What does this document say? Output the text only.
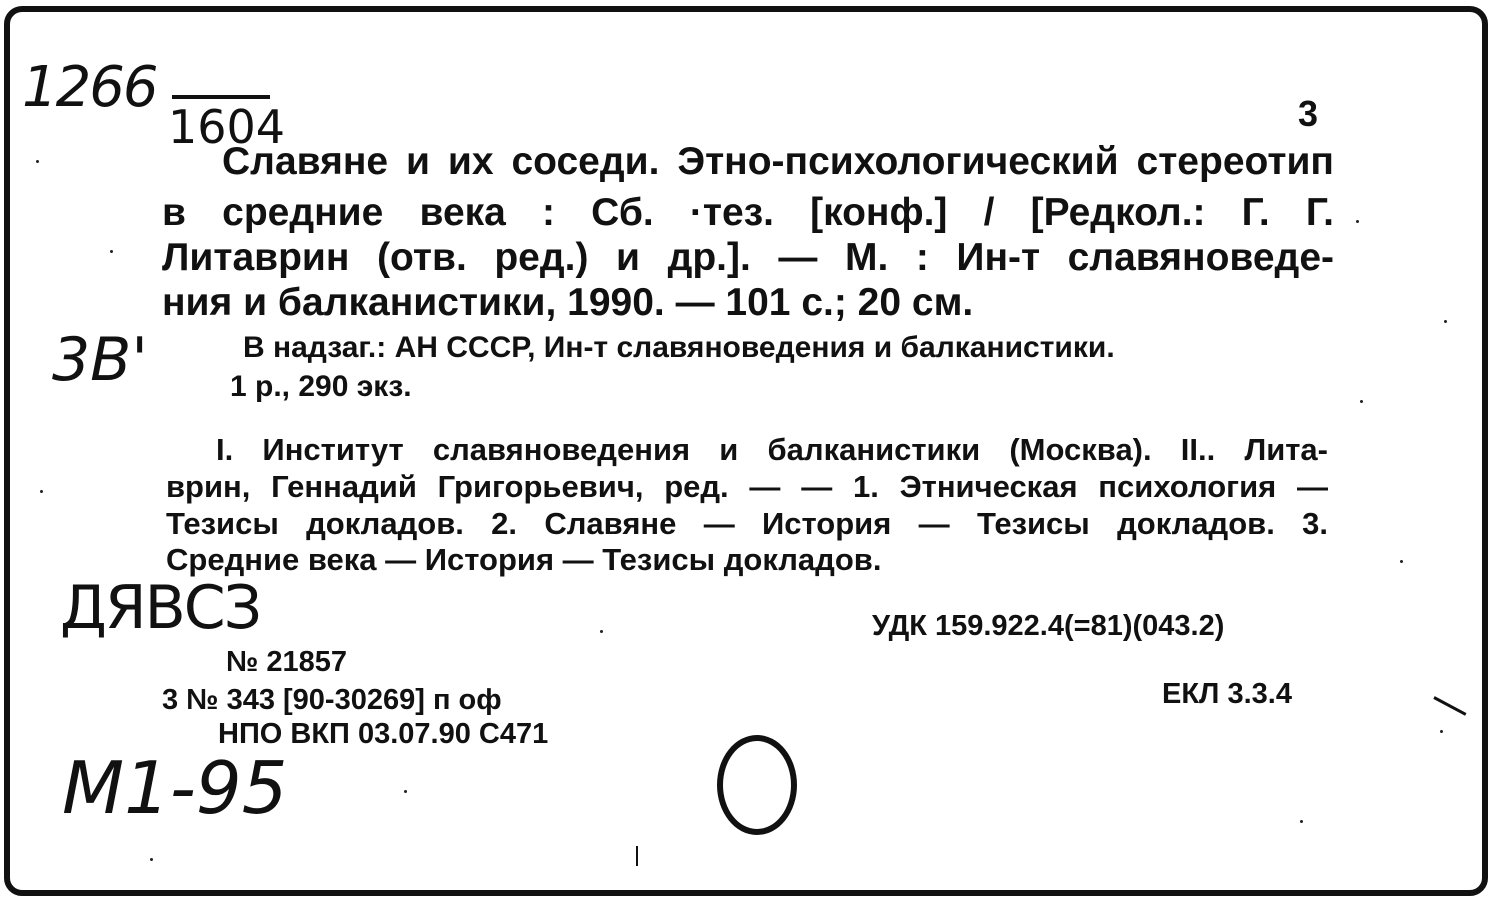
1266
1604
3В'
ДЯВСЗ
М1-95
3
Славяне и их соседи. Этно-психологический стереотип
в средние века : Сб. ·тез. [конф.] / [Редкол.: Г. Г.
Литаврин (отв. ред.) и др.]. — М. : Ин-т славяноведе-
ния и балканистики, 1990. — 101 с.; 20 см.
В надзаг.: АН СССР, Ин-т славяноведения и балканистики.
1 р., 290 экз.
I. Институт славяноведения и балканистики (Москва). II.. Лита-
врин, Геннадий Григорьевич, ред. — — 1. Этническая психология —
Тезисы докладов. 2. Славяне — История — Тезисы докладов. 3.
Средние века — История — Тезисы докладов.
УДК 159.922.4(=81)(043.2)
ЕКЛ 3.3.4
№ 21857
3 № 343 [90-30269] п оф
НПО ВКП 03.07.90 С471
